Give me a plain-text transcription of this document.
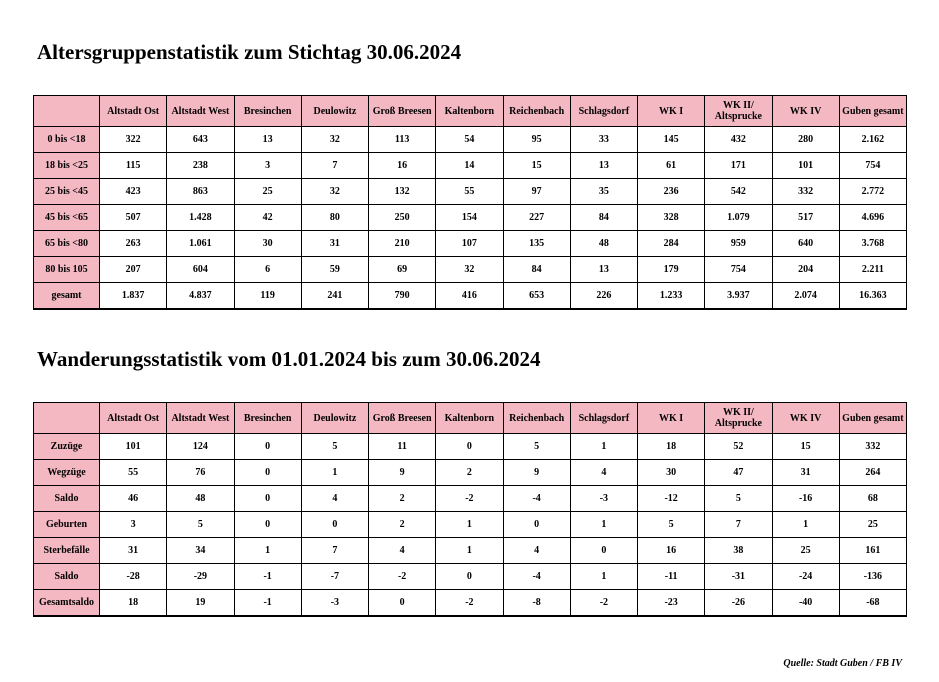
Altersgruppenstatistik zum Stichtag 30.06.2024
	Altstadt Ost	Altstadt West	Bresinchen	Deulowitz	Groß Breesen	Kaltenborn	Reichenbach	Schlagsdorf	WK I	WK II/ Altsprucke	WK IV	Guben gesamt
0 bis <18	322	643	13	32	113	54	95	33	145	432	280	2.162
18 bis <25	115	238	3	7	16	14	15	13	61	171	101	754
25 bis <45	423	863	25	32	132	55	97	35	236	542	332	2.772
45 bis <65	507	1.428	42	80	250	154	227	84	328	1.079	517	4.696
65 bis <80	263	1.061	30	31	210	107	135	48	284	959	640	3.768
80 bis 105	207	604	6	59	69	32	84	13	179	754	204	2.211
gesamt	1.837	4.837	119	241	790	416	653	226	1.233	3.937	2.074	16.363
Wanderungsstatistik vom 01.01.2024 bis zum 30.06.2024
	Altstadt Ost	Altstadt West	Bresinchen	Deulowitz	Groß Breesen	Kaltenborn	Reichenbach	Schlagsdorf	WK I	WK II/ Altsprucke	WK IV	Guben gesamt
Zuzüge	101	124	0	5	11	0	5	1	18	52	15	332
Wegzüge	55	76	0	1	9	2	9	4	30	47	31	264
Saldo	46	48	0	4	2	-2	-4	-3	-12	5	-16	68
Geburten	3	5	0	0	2	1	0	1	5	7	1	25
Sterbefälle	31	34	1	7	4	1	4	0	16	38	25	161
Saldo	-28	-29	-1	-7	-2	0	-4	1	-11	-31	-24	-136
Gesamtsaldo	18	19	-1	-3	0	-2	-8	-2	-23	-26	-40	-68
Quelle: Stadt Guben / FB IV
